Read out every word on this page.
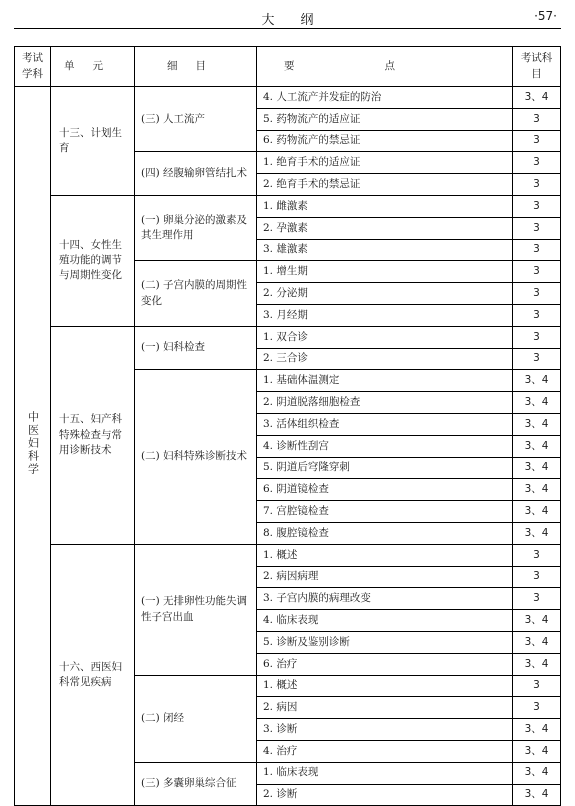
大纲	·57·
考试学科	单元	细目	要点	考试科目
中医妇科学	十三、计划生育	(三) 人工流产	4. 人工流产并发症的防治	3、4
			5. 药物流产的适应证	3
			6. 药物流产的禁忌证	3
		(四) 经腹输卵管结扎术	1. 绝育手术的适应证	3
			2. 绝育手术的禁忌证	3
	十四、女性生殖功能的调节与周期性变化	(一) 卵巢分泌的激素及其生理作用	1. 雌激素	3
			2. 孕激素	3
			3. 雄激素	3
		(二) 子宫内膜的周期性变化	1. 增生期	3
			2. 分泌期	3
			3. 月经期	3
	十五、妇产科特殊检查与常用诊断技术	(一) 妇科检查	1. 双合诊	3
			2. 三合诊	3
		(二) 妇科特殊诊断技术	1. 基础体温测定	3、4
			2. 阴道脱落细胞检查	3、4
			3. 活体组织检查	3、4
			4. 诊断性刮宫	3、4
			5. 阴道后穹隆穿刺	3、4
			6. 阴道镜检查	3、4
			7. 宫腔镜检查	3、4
			8. 腹腔镜检查	3、4
	十六、西医妇科常见疾病	(一) 无排卵性功能失调性子宫出血	1. 概述	3
			2. 病因病理	3
			3. 子宫内膜的病理改变	3
			4. 临床表现	3、4
			5. 诊断及鉴别诊断	3、4
			6. 治疗	3、4
		(二) 闭经	1. 概述	3
			2. 病因	3
			3. 诊断	3、4
			4. 治疗	3、4
		(三) 多囊卵巢综合征	1. 临床表现	3、4
			2. 诊断	3、4
